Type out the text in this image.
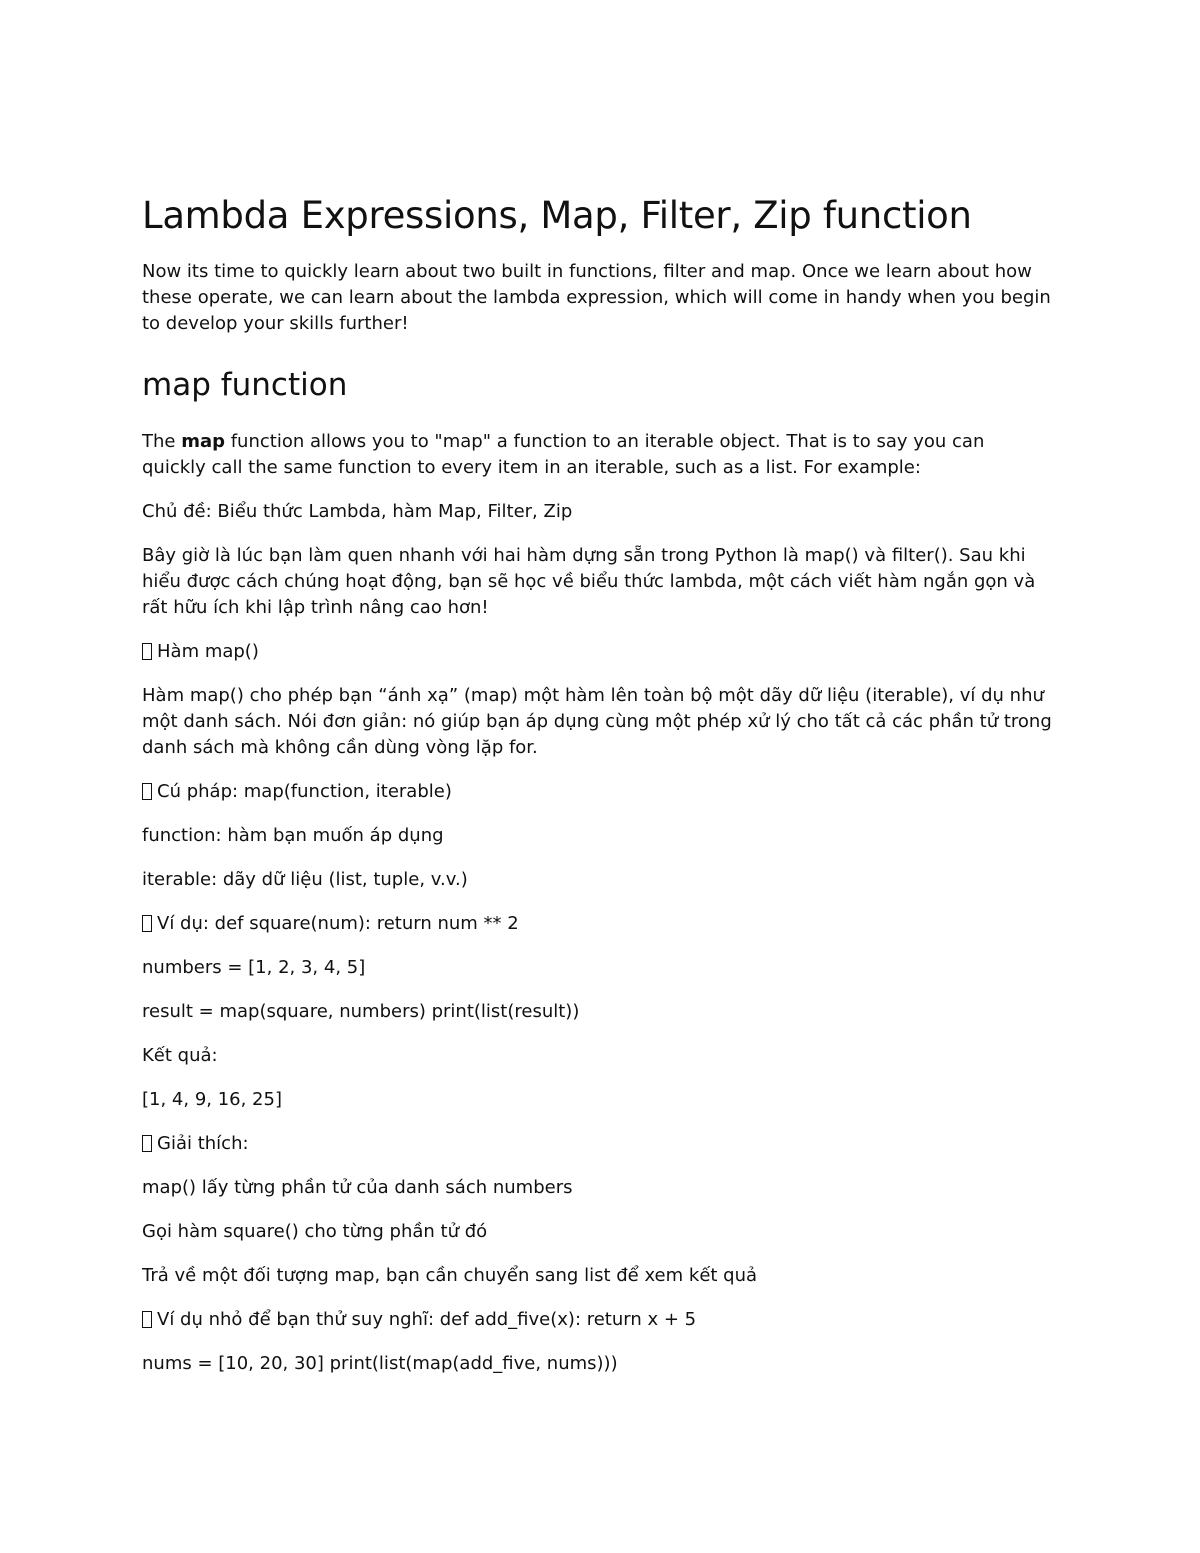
Lambda Expressions, Map, Filter, Zip function

Now its time to quickly learn about two built in functions, filter and map. Once we learn about how these operate, we can learn about the lambda expression, which will come in handy when you begin to develop your skills further!

map function

The map function allows you to "map" a function to an iterable object. That is to say you can quickly call the same function to every item in an iterable, such as a list. For example:

Chủ đề: Biểu thức Lambda, hàm Map, Filter, Zip

Bây giờ là lúc bạn làm quen nhanh với hai hàm dựng sẵn trong Python là map() và filter(). Sau khi hiểu được cách chúng hoạt động, bạn sẽ học về biểu thức lambda, một cách viết hàm ngắn gọn và rất hữu ích khi lập trình nâng cao hơn!

Hàm map()

Hàm map() cho phép bạn “ánh xạ” (map) một hàm lên toàn bộ một dãy dữ liệu (iterable), ví dụ như một danh sách. Nói đơn giản: nó giúp bạn áp dụng cùng một phép xử lý cho tất cả các phần tử trong danh sách mà không cần dùng vòng lặp for.

Cú pháp: map(function, iterable)

function: hàm bạn muốn áp dụng

iterable: dãy dữ liệu (list, tuple, v.v.)

Ví dụ: def square(num): return num ** 2

numbers = [1, 2, 3, 4, 5]

result = map(square, numbers) print(list(result))

Kết quả:

[1, 4, 9, 16, 25]

Giải thích:

map() lấy từng phần tử của danh sách numbers

Gọi hàm square() cho từng phần tử đó

Trả về một đối tượng map, bạn cần chuyển sang list để xem kết quả

Ví dụ nhỏ để bạn thử suy nghĩ: def add_five(x): return x + 5

nums = [10, 20, 30] print(list(map(add_five, nums)))
